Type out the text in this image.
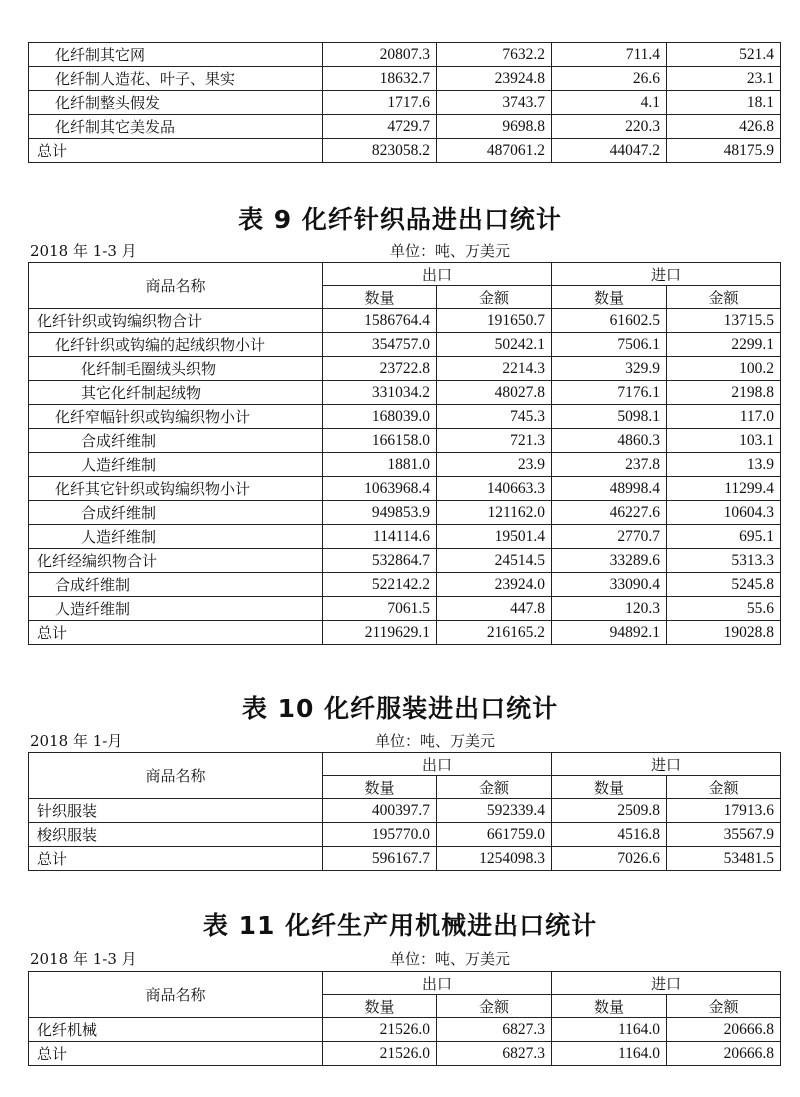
化纤制其它网	20807.3	7632.2	711.4	521.4
化纤制人造花、叶子、果实	18632.7	23924.8	26.6	23.1
化纤制整头假发	1717.6	3743.7	4.1	18.1
化纤制其它美发品	4729.7	9698.8	220.3	426.8
总计	823058.2	487061.2	44047.2	48175.9
表 9 化纤针织品进出口统计
2018 年 1-3 月	单位：吨、万美元
商品名称	出口		进口	
	数量	金额	数量	金额
化纤针织或钩编织物合计	1586764.4	191650.7	61602.5	13715.5
化纤针织或钩编的起绒织物小计	354757.0	50242.1	7506.1	2299.1
化纤制毛圈绒头织物	23722.8	2214.3	329.9	100.2
其它化纤制起绒物	331034.2	48027.8	7176.1	2198.8
化纤窄幅针织或钩编织物小计	168039.0	745.3	5098.1	117.0
合成纤维制	166158.0	721.3	4860.3	103.1
人造纤维制	1881.0	23.9	237.8	13.9
化纤其它针织或钩编织物小计	1063968.4	140663.3	48998.4	11299.4
合成纤维制	949853.9	121162.0	46227.6	10604.3
人造纤维制	114114.6	19501.4	2770.7	695.1
化纤经编织物合计	532864.7	24514.5	33289.6	5313.3
合成纤维制	522142.2	23924.0	33090.4	5245.8
人造纤维制	7061.5	447.8	120.3	55.6
总计	2119629.1	216165.2	94892.1	19028.8
表 10 化纤服装进出口统计
2018 年 1-月	单位：吨、万美元
商品名称	出口		进口	
	数量	金额	数量	金额
针织服装	400397.7	592339.4	2509.8	17913.6
梭织服装	195770.0	661759.0	4516.8	35567.9
总计	596167.7	1254098.3	7026.6	53481.5
表 11 化纤生产用机械进出口统计
2018 年 1-3 月	单位：吨、万美元
商品名称	出口		进口	
	数量	金额	数量	金额
化纤机械	21526.0	6827.3	1164.0	20666.8
总计	21526.0	6827.3	1164.0	20666.8
